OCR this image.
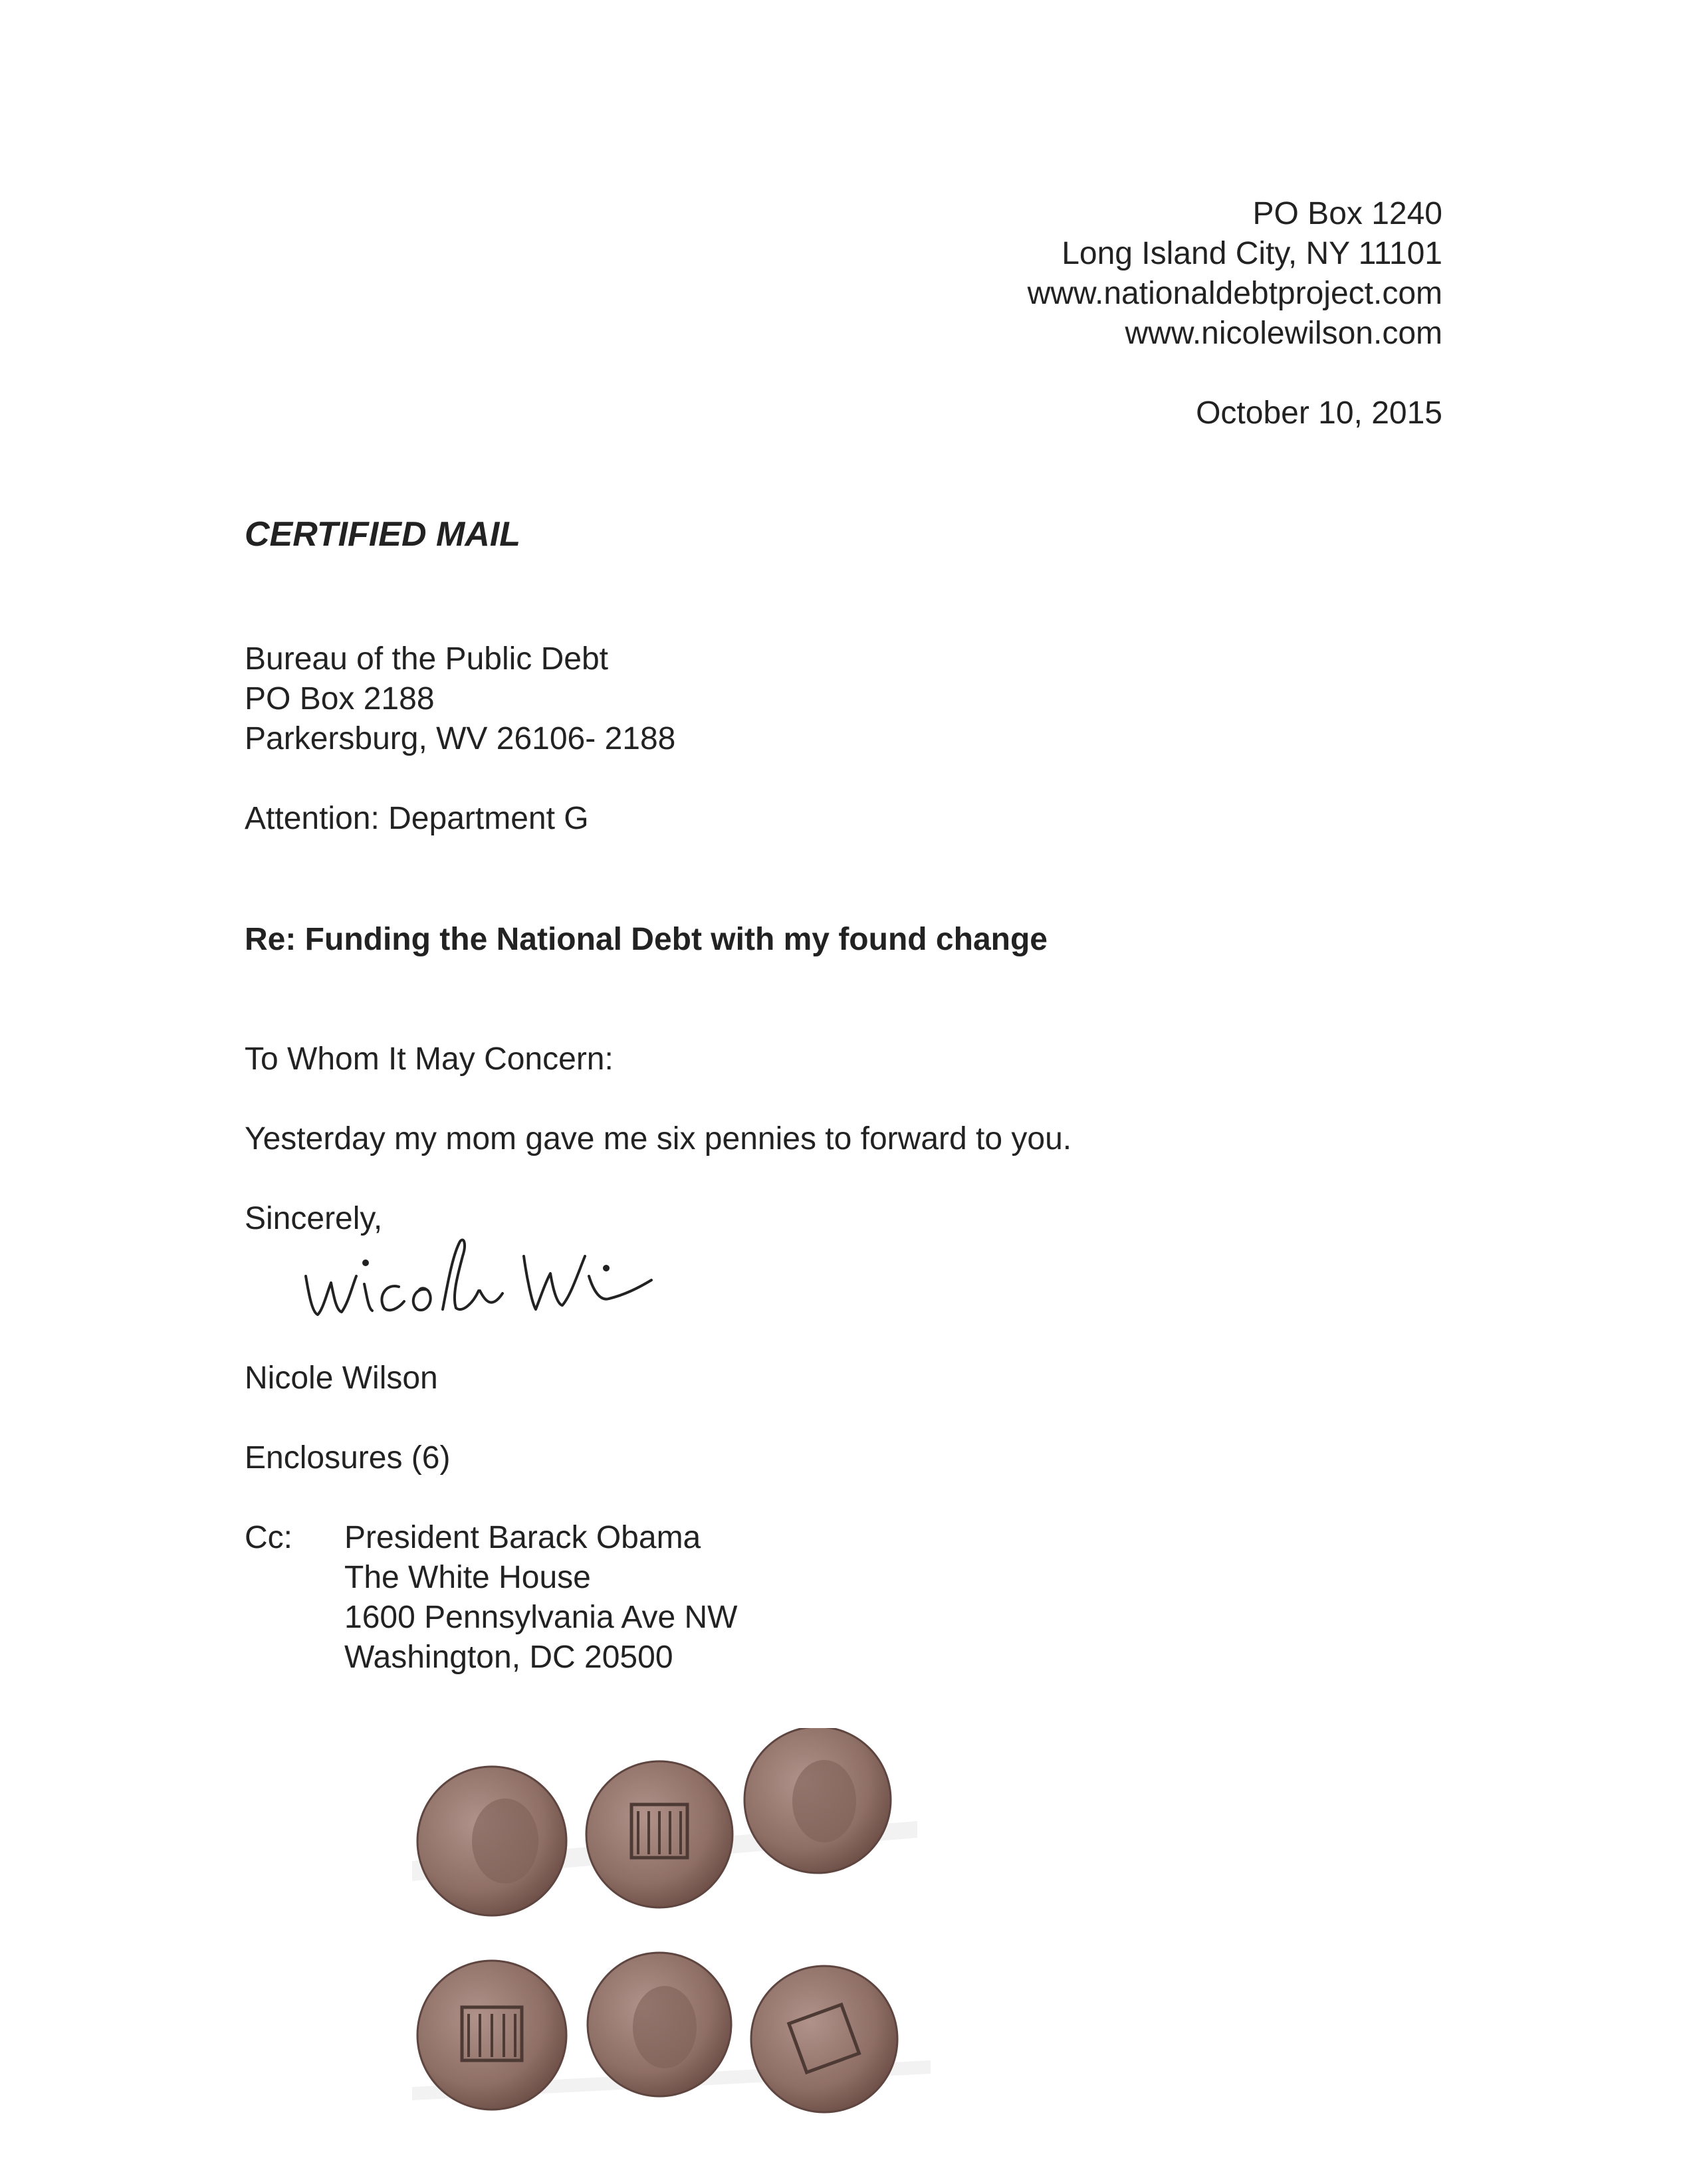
PO Box 1240
Long Island City, NY 11101
www.nationaldebtproject.com
www.nicolewilson.com
October 10, 2015
CERTIFIED MAIL
Bureau of the Public Debt
PO Box 2188
Parkersburg, WV 26106- 2188
Attention: Department G
Re: Funding the National Debt with my found change
To Whom It May Concern:
Yesterday my mom gave me six pennies to forward to you.
Sincerely,
Nicole Wilson
Enclosures (6)
Cc: President Barack Obama
The White House
1600 Pennsylvania Ave NW
Washington, DC 20500
